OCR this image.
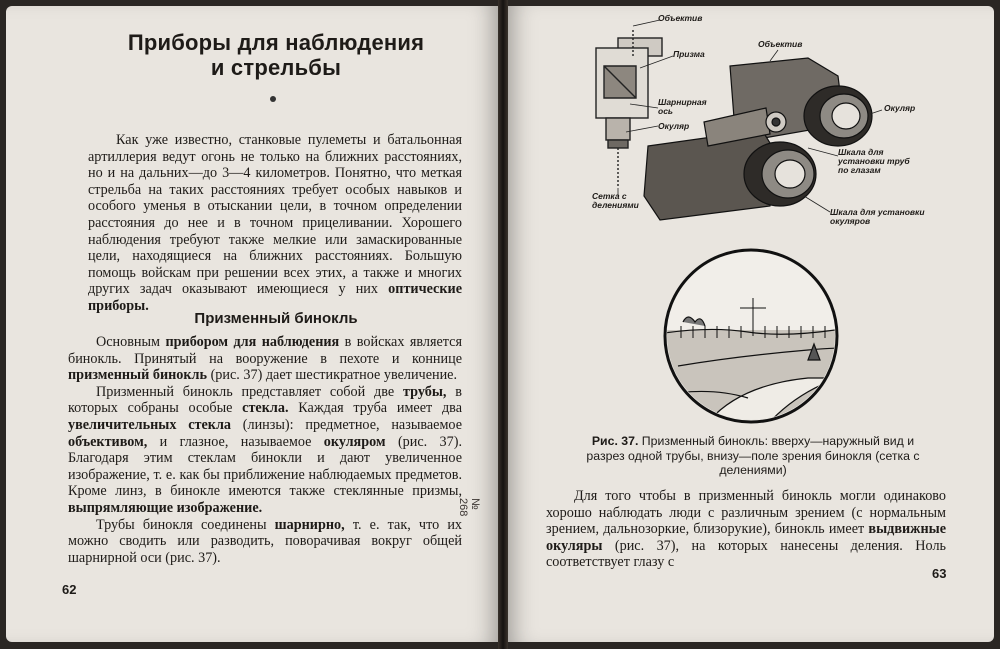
Приборы для наблюдения
и стрельбы

Как уже известно, станковые пулеметы и батальонная артиллерия ведут огонь не только на ближних расстояниях, но и на дальних—до 3—4 километров. Понятно, что меткая стрельба на таких расстояниях требует особых навыков и особого уменья в отыскании цели, в точном определении расстояния до нее и в точном прицеливании. Хорошего наблюдения требуют также мелкие или замаскированные цели, находящиеся на ближних расстояниях. Большую помощь войскам при решении всех этих, а также и многих других задач оказывают имеющиеся у них оптические приборы.

Призменный бинокль

Основным прибором для наблюдения в войсках является бинокль. Принятый на вооружение в пехоте и коннице призменный бинокль (рис. 37) дает шестикратное увеличение.

Призменный бинокль представляет собой две трубы, в которых собраны особые стекла. Каждая труба имеет два увеличительных стекла (линзы): предметное, называемое объективом, и глазное, называемое окуляром (рис. 37). Благодаря этим стеклам бинокли и дают увеличенное изображение, т. е. как бы приближение наблюдаемых предметов. Кроме линз, в бинокле имеются также стеклянные призмы, выпрямляющие изображение.

Трубы бинокля соединены шарнирно, т. е. так, что их можно сводить или разводить, поворачивая вокруг общей шарнирной оси (рис. 37).

62
№ 268
Объектив
Объектив
Призма
Шарнирная ось
Окуляр
Окуляр
Сетка с делениями
Шкала для установки труб по глазам
Шкала для установки окуляров
Рис. 37. Призменный бинокль: вверху—наружный вид и разрез одной трубы, внизу—поле зрения бинокля (сетка с делениями)

Для того чтобы в призменный бинокль могли одинаково хорошо наблюдать люди с различным зрением (с нормальным зрением, дальнозоркие, близорукие), бинокль имеет выдвижные окуляры (рис. 37), на которых нанесены деления. Ноль соответствует глазу с

63
